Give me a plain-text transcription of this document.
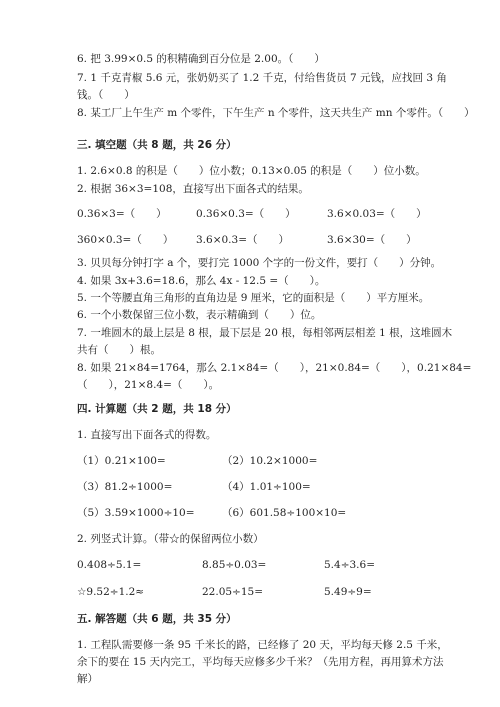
6. 把 3.99×0.5 的积精确到百分位是 2.00。（　　）
7. 1 千克青椒 5.6 元，张奶奶买了 1.2 千克，付给售货员 7 元钱，应找回 3 角
钱。（　　）
8. 某工厂上午生产 m 个零件，下午生产 n 个零件，这天共生产 mn 个零件。（　　）
三. 填空题（共 8 题，共 26 分）
1. 2.6×0.8 的积是（　　）位小数；0.13×0.05 的积是（　　）位小数。
2. 根据 36×3=108，直接写出下面各式的结果。
0.36×3=（　　）	0.36×0.3=（　　）	3.6×0.03=（　　）
360×0.3=（　　） 3.6×0.3=（　　）	3.6×30=（　　）
3. 贝贝每分钟打字 a 个，要打完 1000 个字的一份文件，要打（　　）分钟。
4. 如果 3x+3.6=18.6，那么 4x - 12.5 =（　　）。
5. 一个等腰直角三角形的直角边是 9 厘米，它的面积是（　　）平方厘米。
6. 一个小数保留三位小数，表示精确到（　　）位。
7. 一堆圆木的最上层是 8 根，最下层是 20 根，每相邻两层相差 1 根，这堆圆木
共有（　　）根。
8. 如果 21×84=1764，那么 2.1×84=（　　），21×0.84=（　　），0.21×84=
（　　），21×8.4=（　　）。
四. 计算题（共 2 题，共 18 分）
1. 直接写出下面各式的得数。
（1）0.21×100=	（2）10.2×1000=
（3）81.2÷1000=	（4）1.01÷100=
（5）3.59×1000÷10=	（6）601.58÷100×10=
2. 列竖式计算。（带☆的保留两位小数）
0.408÷5.1=	8.85÷0.03=	5.4÷3.6=
☆9.52÷1.2≈	22.05÷15=	5.49÷9=
五. 解答题（共 6 题，共 35 分）
1. 工程队需要修一条 95 千米长的路，已经修了 20 天，平均每天修 2.5 千米，
余下的要在 15 天内完工，平均每天应修多少千米？（先用方程，再用算术方法
解）
